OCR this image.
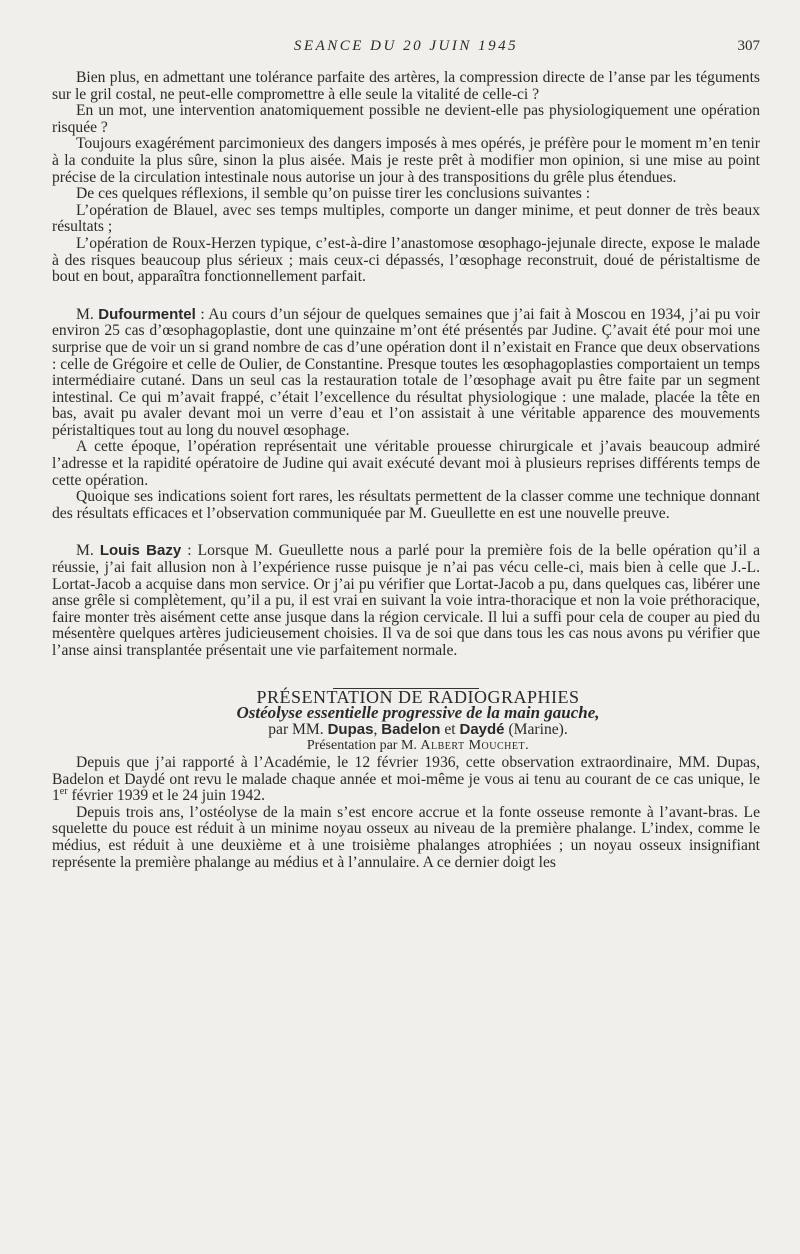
SEANCE DU 20 JUIN 1945	307

Bien plus, en admettant une tolérance parfaite des artères, la compression directe de l’anse par les téguments sur le gril costal, ne peut-elle compromettre à elle seule la vitalité de celle-ci ?

En un mot, une intervention anatomiquement possible ne devient-elle pas physiologiquement une opération risquée ?

Toujours exagérément parcimonieux des dangers imposés à mes opérés, je préfère pour le moment m’en tenir à la conduite la plus sûre, sinon la plus aisée. Mais je reste prêt à modifier mon opinion, si une mise au point précise de la circulation intestinale nous autorise un jour à des transpositions du grêle plus étendues.

De ces quelques réflexions, il semble qu’on puisse tirer les conclusions suivantes :

L’opération de Blauel, avec ses temps multiples, comporte un danger minime, et peut donner de très beaux résultats ;

L’opération de Roux-Herzen typique, c’est-à-dire l’anastomose œsophago-jejunale directe, expose le malade à des risques beaucoup plus sérieux ; mais ceux-ci dépassés, l’œsophage reconstruit, doué de péristaltisme de bout en bout, apparaîtra fonctionnellement parfait.

M. Dufourmentel : Au cours d’un séjour de quelques semaines que j’ai fait à Moscou en 1934, j’ai pu voir environ 25 cas d’œsophagoplastie, dont une quinzaine m’ont été présentés par Judine. Ç’avait été pour moi une surprise que de voir un si grand nombre de cas d’une opération dont il n’existait en France que deux observations : celle de Grégoire et celle de Oulier, de Constantine. Presque toutes les œsophagoplasties comportaient un temps intermédiaire cutané. Dans un seul cas la restauration totale de l’œsophage avait pu être faite par un segment intestinal. Ce qui m’avait frappé, c’était l’excellence du résultat physiologique : une malade, placée la tête en bas, avait pu avaler devant moi un verre d’eau et l’on assistait à une véritable apparence des mouvements péristaltiques tout au long du nouvel œsophage.

A cette époque, l’opération représentait une véritable prouesse chirurgicale et j’avais beaucoup admiré l’adresse et la rapidité opératoire de Judine qui avait exécuté devant moi à plusieurs reprises différents temps de cette opération.

Quoique ses indications soient fort rares, les résultats permettent de la classer comme une technique donnant des résultats efficaces et l’observation communiquée par M. Gueullette en est une nouvelle preuve.

M. Louis Bazy : Lorsque M. Gueullette nous a parlé pour la première fois de la belle opération qu’il a réussie, j’ai fait allusion non à l’expérience russe puisque je n’ai pas vécu celle-ci, mais bien à celle que J.-L. Lortat-Jacob a acquise dans mon service. Or j’ai pu vérifier que Lortat-Jacob a pu, dans quelques cas, libérer une anse grêle si complètement, qu’il a pu, il est vrai en suivant la voie intra-thoracique et non la voie préthoracique, faire monter très aisément cette anse jusque dans la région cervicale. Il lui a suffi pour cela de couper au pied du mésentère quelques artères judicieusement choisies. Il va de soi que dans tous les cas nous avons pu vérifier que l’anse ainsi transplantée présentait une vie parfaitement normale.

PRÉSENTATION DE RADIOGRAPHIES

Ostéolyse essentielle progressive de la main gauche,

par MM. Dupas, Badelon et Daydé (Marine).

Présentation par M. Albert Mouchet.

Depuis que j’ai rapporté à l’Académie, le 12 février 1936, cette observation extraordinaire, MM. Dupas, Badelon et Daydé ont revu le malade chaque année et moi-même je vous ai tenu au courant de ce cas unique, le 1er février 1939 et le 24 juin 1942.

Depuis trois ans, l’ostéolyse de la main s’est encore accrue et la fonte osseuse remonte à l’avant-bras. Le squelette du pouce est réduit à un minime noyau osseux au niveau de la première phalange. L’index, comme le médius, est réduit à une deuxième et à une troisième phalanges atrophiées ; un noyau osseux insignifiant représente la première phalange au médius et à l’annulaire. A ce dernier doigt les
